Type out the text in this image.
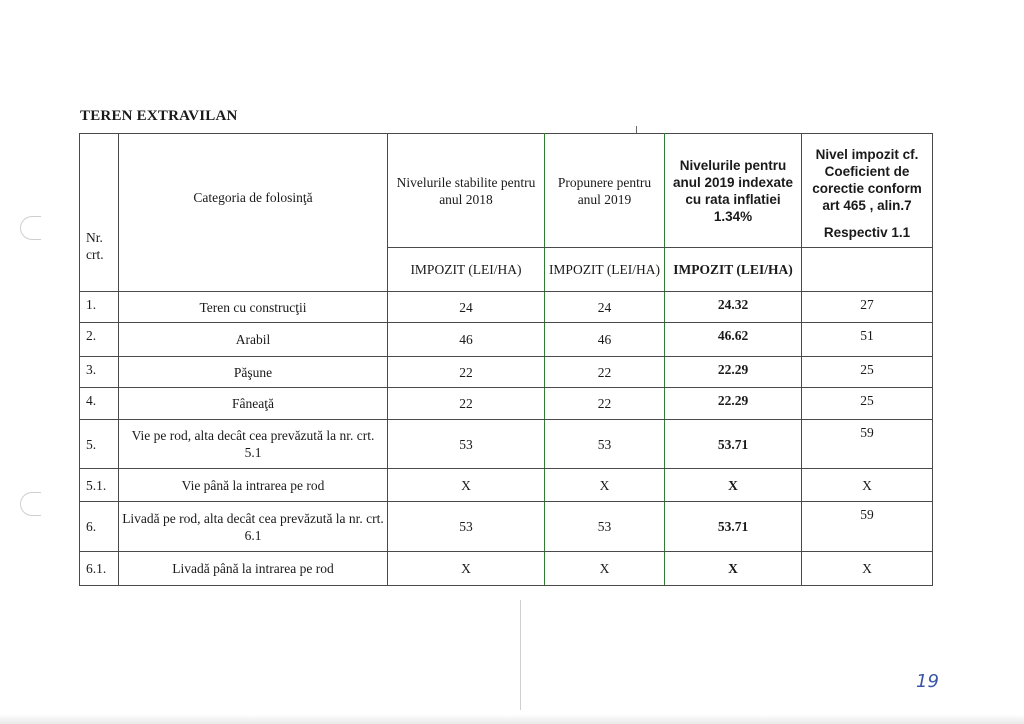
TEREN EXTRAVILAN
Nr. crt.	Categoria de folosinţă	Nivelurile stabilite pentru anul 2018	Propunere pentru anul 2019	Nivelurile pentru anul 2019 indexate cu rata inflatiei 1.34%	Nivel impozit cf. Coeficient de corectie conform art 465 , alin.7
Respectiv 1.1

		IMPOZIT (LEI/HA)	IMPOZIT (LEI/HA)	IMPOZIT (LEI/HA)	
1.	Teren cu construcţii	24	24	24.32	27
2.	Arabil	46	46	46.62	51
3.	Păşune	22	22	22.29	25
4.	Fâneaţă	22	22	22.29	25
5.	Vie pe rod, alta decât cea prevăzută la nr. crt. 5.1	53	53	53.71	59
5.1.	Vie până la intrarea pe rod	X	X	X	X
6.	Livadă pe rod, alta decât cea prevăzută la nr. crt. 6.1	53	53	53.71	59
6.1.	Livadă până la intrarea pe rod	X	X	X	X
19
